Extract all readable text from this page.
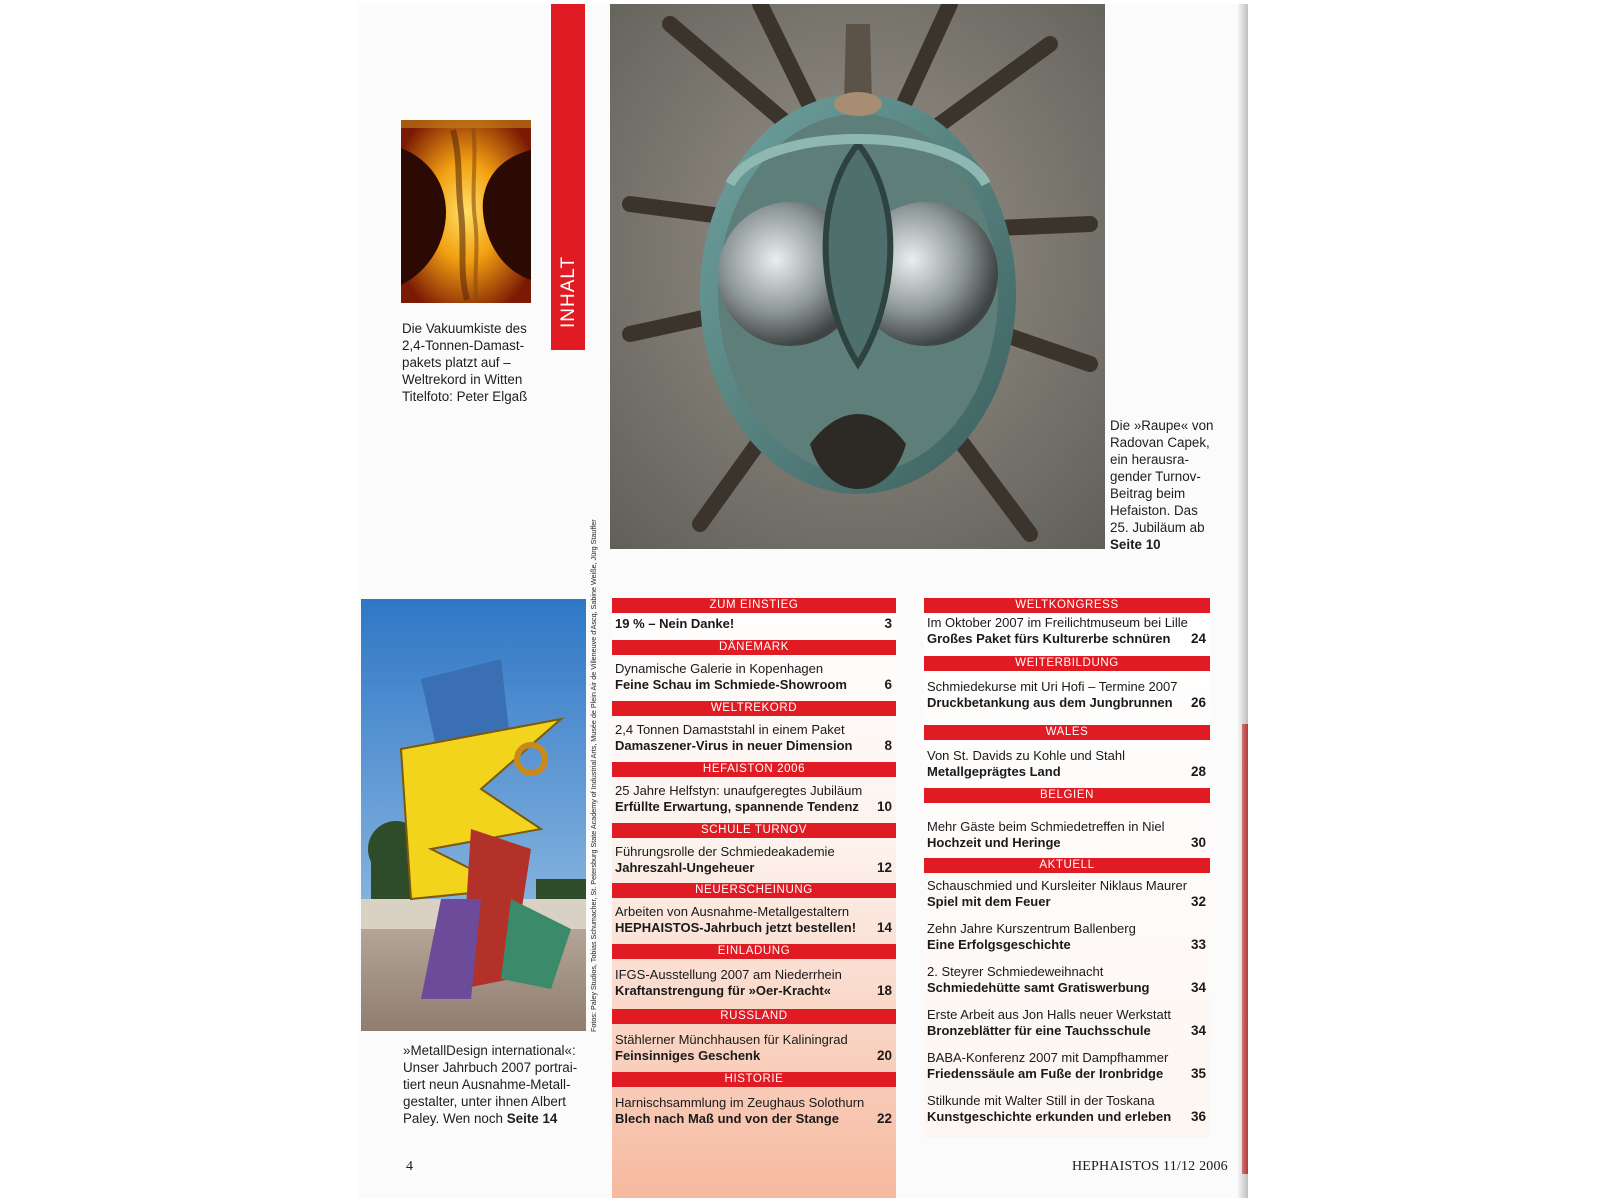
Die Vakuumkiste des
2,4-Tonnen-Damast-
pakets platzt auf –
Weltrekord in Witten
Titelfoto: Peter Elgaß
INHALT
Die »Raupe« von
Radovan Capek,
ein herausra-
gender Turnov-
Beitrag beim
Hefaiston. Das
25. Jubiläum ab
Seite 10
Fotos: Paley Studios, Tobias Schumacher, St. Petersburg State Academy of Industrial Arts, Musée de Plein Air de Villeneuve d'Ascq, Sabine Weiße, Jürg Stauffer
»MetallDesign international«:
Unser Jahrbuch 2007 portrai-
tiert neun Ausnahme-Metall-
gestalter, unter ihnen Albert
Paley. Wen noch Seite 14
ZUM EINSTIEG
19 % – Nein Danke!	3
DÄNEMARK
Dynamische Galerie in Kopenhagen
Feine Schau im Schmiede-Showroom	6
WELTREKORD
2,4 Tonnen Damaststahl in einem Paket
Damaszener-Virus in neuer Dimension	8
HEFAISTON 2006
25 Jahre Helfstyn: unaufgeregtes Jubiläum
Erfüllte Erwartung, spannende Tendenz	10
SCHULE TURNOV
Führungsrolle der Schmiedeakademie
Jahreszahl-Ungeheuer	12
NEUERSCHEINUNG
Arbeiten von Ausnahme-Metallgestaltern
HEPHAISTOS-Jahrbuch jetzt bestellen!	14
EINLADUNG
IFGS-Ausstellung 2007 am Niederrhein
Kraftanstrengung für »Oer-Kracht«	18
RUSSLAND
Stählerner Münchhausen für Kaliningrad
Feinsinniges Geschenk	20
HISTORIE
Harnischsammlung im Zeughaus Solothurn
Blech nach Maß und von der Stange	22
WELTKONGRESS
Im Oktober 2007 im Freilichtmuseum bei Lille
Großes Paket fürs Kulturerbe schnüren	24
WEITERBILDUNG
Schmiedekurse mit Uri Hofi – Termine 2007
Druckbetankung aus dem Jungbrunnen	26
WALES
Von St. Davids zu Kohle und Stahl
Metallgeprägtes Land	28
BELGIEN
Mehr Gäste beim Schmiedetreffen in Niel
Hochzeit und Heringe	30
AKTUELL
Schauschmied und Kursleiter Niklaus Maurer
Spiel mit dem Feuer	32
Zehn Jahre Kurszentrum Ballenberg
Eine Erfolgsgeschichte	33
2. Steyrer Schmiedeweihnacht
Schmiedehütte samt Gratiswerbung	34
Erste Arbeit aus Jon Halls neuer Werkstatt
Bronzeblätter für eine Tauchsschule	34
BABA-Konferenz 2007 mit Dampfhammer
Friedenssäule am Fuße der Ironbridge	35
Stilkunde mit Walter Still in der Toskana
Kunstgeschichte erkunden und erleben	36
4	HEPHAISTOS 11/12 2006
